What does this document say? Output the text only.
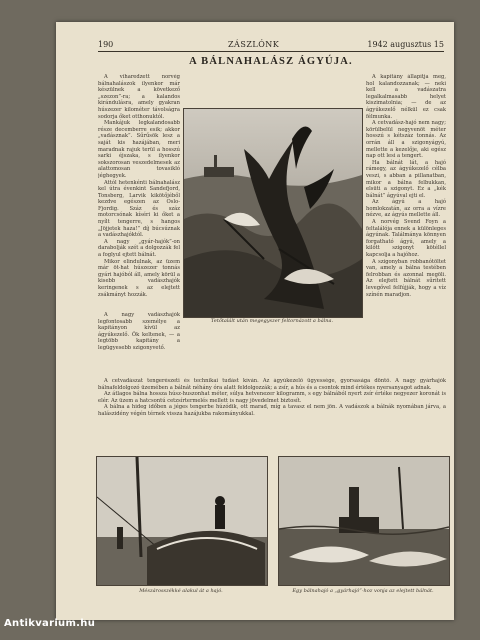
190	ZÁSZLÓNK	1942 augusztus 15
A BÁLNAHALÁSZ ÁGYÚJA.

A viharedzett norvég bálnahalászok ilyenkor már készülnek a következő „szezon”-ra; a kalandos kirándulásra, amely gyakran húszezer kilométer távolságra sodorja őket otthonuktól.

Mankájuk legkalandosabb része decemberre esik; akkor „vadásznak”. Sűrűsök lesz a saját kis hazájában, meri maradnak rajuk terül a hosszú sarki éjszaka, s ilyenkor sokszorosan veszedelmesek az alattomosan tovasikló jéghegyek.

Attól hetenkénti bálnahalász kel útra évenkint Sandefjord, Tonsberg, Larvik kikötőjéből kezdve egészen az Oslo-Fjordig. Száz és száz motorcsónak kíséri ki őket a nyílt tengerre, s hangos „Jöjjetek haza!” díj búcsúznak a vadászhajóktól.

A nagy „gyár-hajók”-on darabolják szét a dolgozzák fel a foglyul ejtett bálnát.

Mikor elindulnak, az üzem már öt-hat húszezer tonnás gyári hajóból áll, amely körül a kisebb vadászhajók keringenek s az elejtett zsákmányt hozzák.

Tetőtalált után megegyszer feltornázott a bálna.

A kapitány állapítja meg, hol kalandozzanak; — neki kell a vadászatra legalkalmasabb helyet kiszimatolnia; — de az ágyúkezelő nélkül ez csak félmunka.

A cetvadász-hajó nem nagy; körülbelül negyvenöt méter hosszú s kétszáz tonnás. Az orrán áll a szigonyágyú, mellette a kezelője, aki egész nap ott lesi a tengert.

Ha bálnát lát, a hajó rámegy, az ágyúkezelő célba veszi, s abban a pillanatban, mikor a bálna felbukkan, elsüti a szigonyt. Ez a „kék bálnát” ágyúval ejti el.

Az ágyú a hajó homlokzatán, az orra a vízre nézve, az ágyús mellette áll.

A norvég Svend Foyn a feltalálója ennek a különleges ágyúnak. Találmánya könnyen forgatható ágyú, amely a kilőtt szigonyt kötéllel kapcsolja a hajóhoz.

A szigonyban robbanótöltet van, amely a bálna testében felrobban és azonnal megöli. Az elejtett bálnát sűrített levegővel felfújják, hogy a víz színén maradjon.

A nagy vadászhajók legfontosabb személye a kapitányon kívül az ágyúkezelő. Ők keltenek, — a legtöbb kapitány a legügyesebb szigonyvető.

A cetvadászat tengerészeti és technikai tudást kíván. Az ágyúkezelő ügyessége, gyorsasága döntő. A nagy gyárhajók bálnafeldolgozó üzemében a bálnát néhány óra alatt feldolgozzák; a zsír, a hús és a csontok mind értékes nyersanyagot adnak.

Az átlagos bálna hossza húsz-huszonhat méter, súlya hetvenezer kilogramm, s egy bálnából nyert zsír értéke negyezer koronát is elér. Az üzem a hatcsontú cetzsírtermelés mellett is nagy jövedelmet biztosít.

A bálna a hideg időben a jéges tengerbe húzódik, ott marad, míg a tavasz el nem jön. A vadászok a bálnák nyomában járva, a halászidény végén térnek vissza hazájukba rakományukkal.

Mészárosszékké alakul át a hajó.	Egy bálnahajó a „gyárhajó”-hoz vonja az elejtett bálnát.
Antikvarium.hu
